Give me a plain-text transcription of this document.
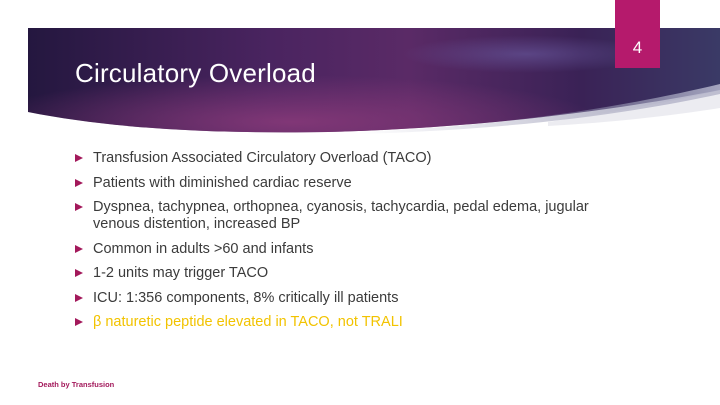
Circulatory Overload
4
Transfusion Associated Circulatory Overload (TACO)
Patients with diminished cardiac reserve
Dyspnea, tachypnea, orthopnea, cyanosis, tachycardia, pedal edema, jugular venous distention, increased BP
Common in adults >60 and infants
1-2 units may trigger TACO
ICU: 1:356 components, 8% critically ill patients
β naturetic peptide elevated in TACO, not TRALI
Death by Transfusion
